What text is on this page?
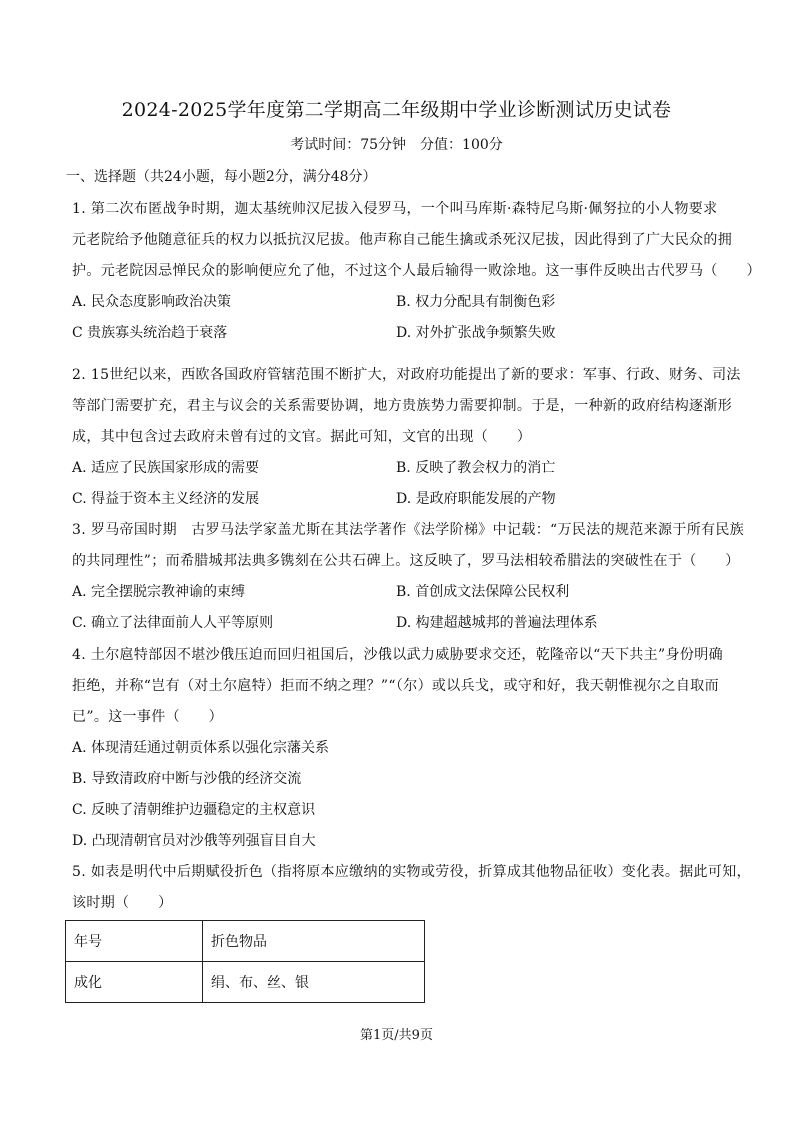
2024-2025学年度第二学期高二年级期中学业诊断测试历史试卷
考试时间：75分钟　分值：100分
一、选择题（共24小题，每小题2分，满分48分）
1. 第二次布匿战争时期，迦太基统帅汉尼拔入侵罗马，一个叫马库斯·森特尼乌斯·佩努拉的小人物要求
元老院给予他随意征兵的权力以抵抗汉尼拔。他声称自己能生擒或杀死汉尼拔，因此得到了广大民众的拥
护。元老院因忌惮民众的影响便应允了他，不过这个人最后输得一败涂地。这一事件反映出古代罗马（　　）
A. 民众态度影响政治决策	B. 权力分配具有制衡色彩
C 贵族寡头统治趋于衰落	D. 对外扩张战争频繁失败
2. 15世纪以来，西欧各国政府管辖范围不断扩大，对政府功能提出了新的要求：军事、行政、财务、司法
等部门需要扩充，君主与议会的关系需要协调，地方贵族势力需要抑制。于是，一种新的政府结构逐渐形
成，其中包含过去政府未曾有过的文官。据此可知，文官的出现（　　）
A. 适应了民族国家形成的需要	B. 反映了教会权力的消亡
C. 得益于资本主义经济的发展	D. 是政府职能发展的产物
3. 罗马帝国时期　古罗马法学家盖尤斯在其法学著作《法学阶梯》中记载：“万民法的规范来源于所有民族
的共同理性”；而希腊城邦法典多镌刻在公共石碑上。这反映了，罗马法相较希腊法的突破性在于（　　）
A. 完全摆脱宗教神谕的束缚	B. 首创成文法保障公民权利
C. 确立了法律面前人人平等原则	D. 构建超越城邦的普遍法理体系
4. 土尔扈特部因不堪沙俄压迫而回归祖国后，沙俄以武力威胁要求交还，乾隆帝以“天下共主”身份明确
拒绝，并称“岂有（对土尔扈特）拒而不纳之理？”“（尔）或以兵戈，或守和好，我天朝惟视尔之自取而
已”。这一事件（　　）
A. 体现清廷通过朝贡体系以强化宗藩关系
B. 导致清政府中断与沙俄的经济交流
C. 反映了清朝维护边疆稳定的主权意识
D. 凸现清朝官员对沙俄等列强盲目自大
5. 如表是明代中后期赋役折色（指将原本应缴纳的实物或劳役，折算成其他物品征收）变化表。据此可知，
该时期（　　）
年号	折色物品
成化	绢、布、丝、银
第1页/共9页
